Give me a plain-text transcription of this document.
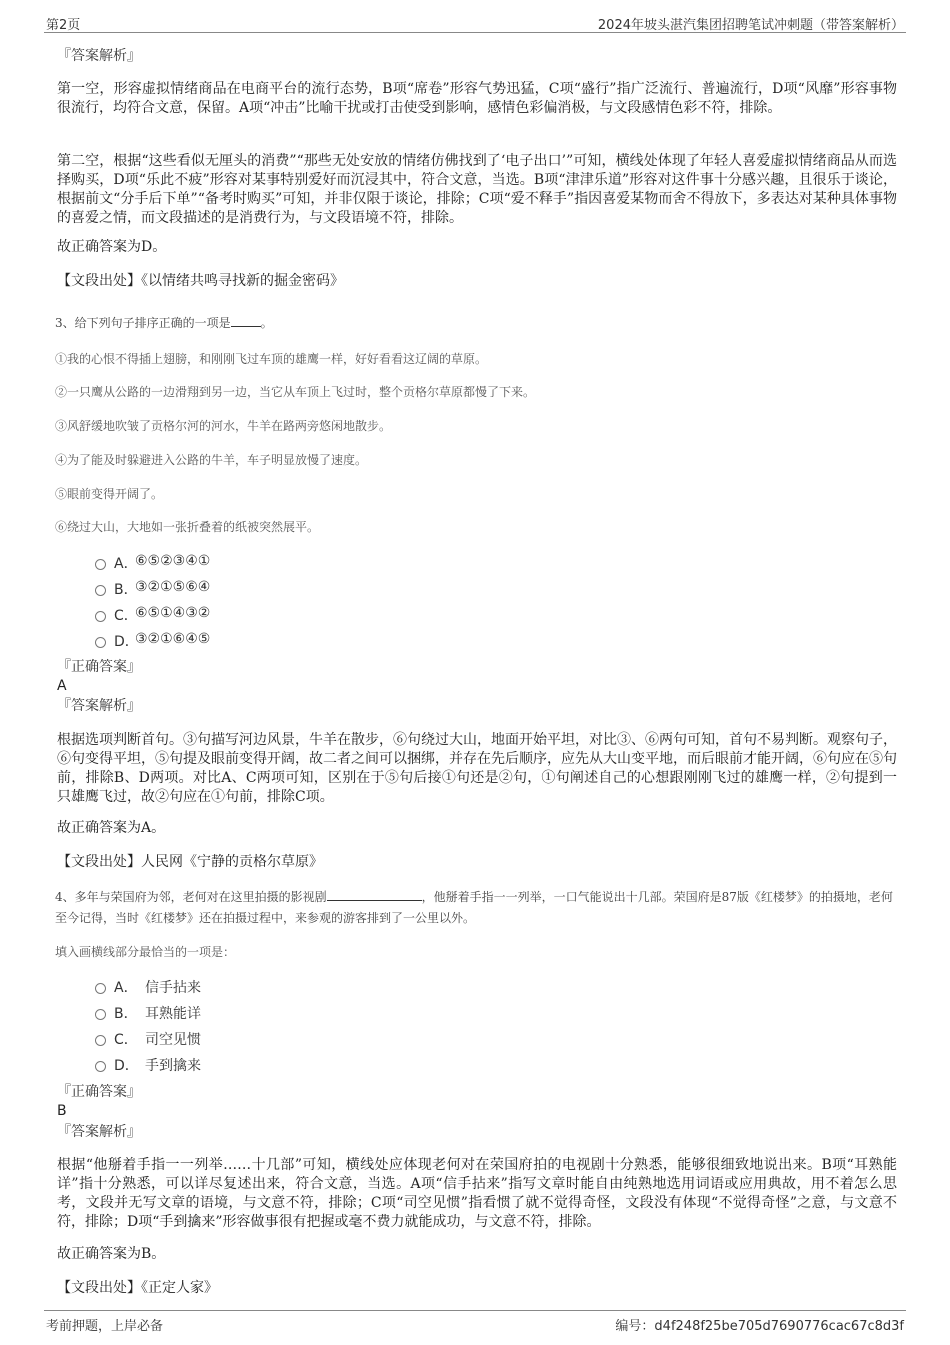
第2页	2024年坡头湛汽集团招聘笔试冲刺题（带答案解析）
『答案解析』
第一空，形容虚拟情绪商品在电商平台的流行态势，B项“席卷”形容气势迅猛，C项“盛行”指广泛流行、普遍流行，D项“风靡”形容事物很流行，均符合文意，保留。A项“冲击”比喻干扰或打击使受到影响，感情色彩偏消极，与文段感情色彩不符，排除。
第二空，根据“这些看似无厘头的消费”“那些无处安放的情绪仿佛找到了‘电子出口’”可知，横线处体现了年轻人喜爱虚拟情绪商品从而选择购买，D项“乐此不疲”形容对某事特别爱好而沉浸其中，符合文意，当选。B项“津津乐道”形容对这件事十分感兴趣，且很乐于谈论，根据前文“分手后下单”“备考时购买”可知，并非仅限于谈论，排除；C项“爱不释手”指因喜爱某物而舍不得放下，多表达对某种具体事物的喜爱之情，而文段描述的是消费行为，与文段语境不符，排除。
故正确答案为D。
【文段出处】《以情绪共鸣寻找新的掘金密码》
3、给下列句子排序正确的一项是	。
①我的心恨不得插上翅膀，和刚刚飞过车顶的雄鹰一样，好好看看这辽阔的草原。
②一只鹰从公路的一边滑翔到另一边，当它从车顶上飞过时，整个贡格尔草原都慢了下来。
③风舒缓地吹皱了贡格尔河的河水，牛羊在路两旁悠闲地散步。
④为了能及时躲避进入公路的牛羊，车子明显放慢了速度。
⑤眼前变得开阔了。
⑥绕过大山，大地如一张折叠着的纸被突然展平。
A．
⑥⑤②③④①
B．
③②①⑤⑥④
C．
⑥⑤①④③②
D．
③②①⑥④⑤
『正确答案』
A
『答案解析』
根据选项判断首句。③句描写河边风景，牛羊在散步，⑥句绕过大山，地面开始平坦，对比③、⑥两句可知，首句不易判断。观察句子，⑥句变得平坦，⑤句提及眼前变得开阔，故二者之间可以捆绑，并存在先后顺序，应先从大山变平地，而后眼前才能开阔，⑥句应在⑤句前，排除B、D两项。对比A、C两项可知，区别在于⑤句后接①句还是②句，①句阐述自己的心想跟刚刚飞过的雄鹰一样，②句提到一只雄鹰飞过，故②句应在①句前，排除C项。
故正确答案为A。
【文段出处】人民网《宁静的贡格尔草原》
4、多年与荣国府为邻，老何对在这里拍摄的影视剧	，他掰着手指一一列举，一口气能说出十几部。荣国府是87版《红楼梦》的拍摄地，老何至今记得，当时《红楼梦》还在拍摄过程中，来参观的游客排到了一公里以外。
填入画横线部分最恰当的一项是：
A． 信手拈来
B． 耳熟能详
C． 司空见惯
D． 手到擒来
『正确答案』
B
『答案解析』
根据“他掰着手指一一列举……十几部”可知，横线处应体现老何对在荣国府拍的电视剧十分熟悉，能够很细致地说出来。B项“耳熟能详”指十分熟悉，可以详尽复述出来，符合文意，当选。A项“信手拈来”指写文章时能自由纯熟地选用词语或应用典故，用不着怎么思考，文段并无写文章的语境，与文意不符，排除；C项“司空见惯”指看惯了就不觉得奇怪，文段没有体现“不觉得奇怪”之意，与文意不符，排除；D项“手到擒来”形容做事很有把握或毫不费力就能成功，与文意不符，排除。
故正确答案为B。
【文段出处】《正定人家》
考前押题，上岸必备	编号：d4f248f25be705d7690776cac67c8d3f
